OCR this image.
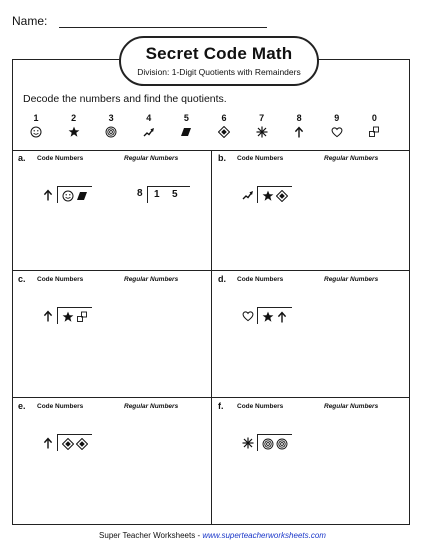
Name:
Secret Code Math
Division: 1-Digit Quotients with Remainders
Decode the numbers and find the quotients.
1	2	3	4	5	6	7	8	9	0
a. Code Numbers	Regular Numbers
8 1 5
b. Code Numbers	Regular Numbers
c. Code Numbers	Regular Numbers	d. Code Numbers	Regular Numbers
e. Code Numbers	Regular Numbers	f. Code Numbers	Regular Numbers
Super Teacher Worksheets - www.superteacherworksheets.com
